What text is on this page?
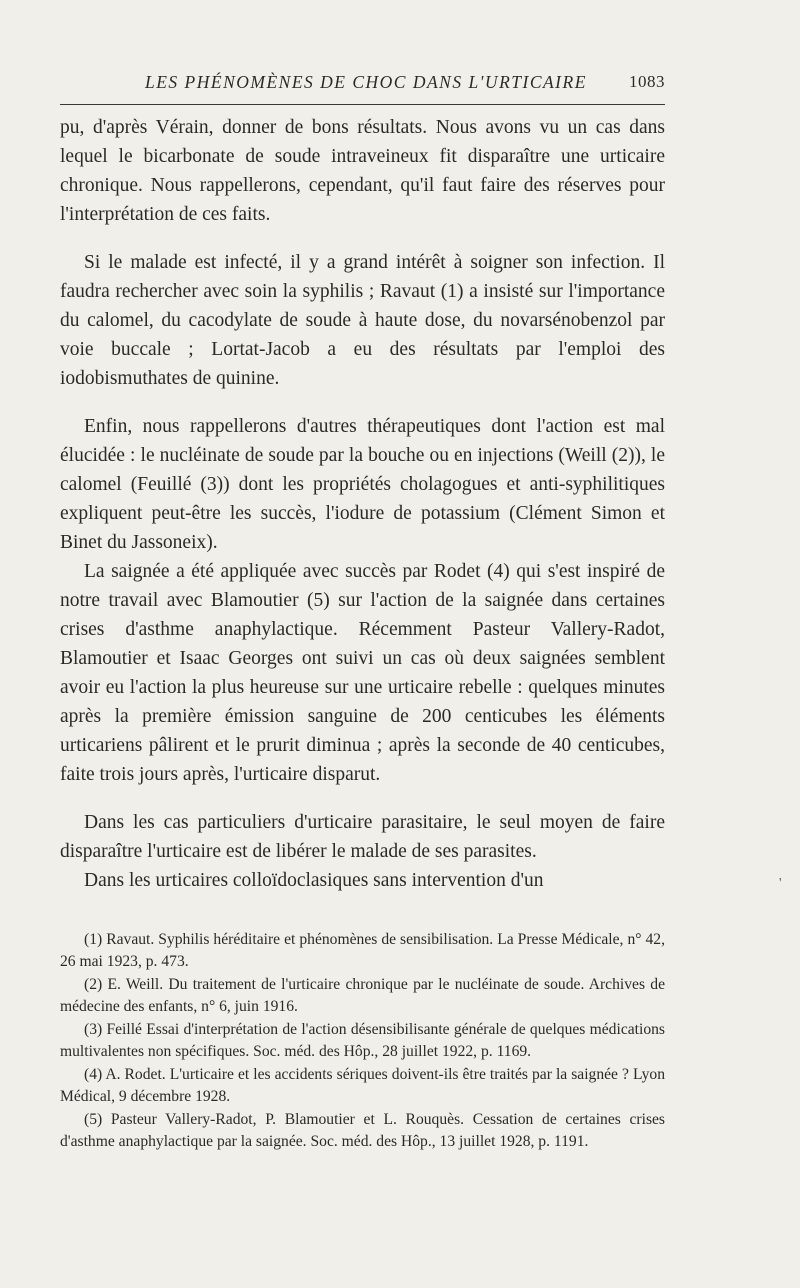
LES PHÉNOMÈNES DE CHOC DANS L'URTICAIRE 1083

pu, d'après Vérain, donner de bons résultats. Nous avons vu un cas dans lequel le bicarbonate de soude intraveineux fit disparaître une urticaire chronique. Nous rappellerons, cependant, qu'il faut faire des réserves pour l'interprétation de ces faits.

Si le malade est infecté, il y a grand intérêt à soigner son infection. Il faudra rechercher avec soin la syphilis ; Ravaut (1) a insisté sur l'importance du calomel, du cacodylate de soude à haute dose, du novarsénobenzol par voie buccale ; Lortat-Jacob a eu des résultats par l'emploi des iodobismuthates de quinine.

Enfin, nous rappellerons d'autres thérapeutiques dont l'action est mal élucidée : le nucléinate de soude par la bouche ou en injections (Weill (2)), le calomel (Feuillé (3)) dont les propriétés cholagogues et anti-syphilitiques expliquent peut-être les succès, l'iodure de potassium (Clément Simon et Binet du Jassoneix).

La saignée a été appliquée avec succès par Rodet (4) qui s'est inspiré de notre travail avec Blamoutier (5) sur l'action de la saignée dans certaines crises d'asthme anaphylactique. Récemment Pasteur Vallery-Radot, Blamoutier et Isaac Georges ont suivi un cas où deux saignées semblent avoir eu l'action la plus heureuse sur une urticaire rebelle : quelques minutes après la première émission sanguine de 200 centicubes les éléments urticariens pâlirent et le prurit diminua ; après la seconde de 40 centicubes, faite trois jours après, l'urticaire disparut.

Dans les cas particuliers d'urticaire parasitaire, le seul moyen de faire disparaître l'urticaire est de libérer le malade de ses parasites.

Dans les urticaires colloïdoclasiques sans intervention d'un

(1) Ravaut. Syphilis héréditaire et phénomènes de sensibilisation. La Presse Médicale, n° 42, 26 mai 1923, p. 473.

(2) E. Weill. Du traitement de l'urticaire chronique par le nucléinate de soude. Archives de médecine des enfants, n° 6, juin 1916.

(3) Feillé Essai d'interprétation de l'action désensibilisante générale de quelques médications multivalentes non spécifiques. Soc. méd. des Hôp., 28 juillet 1922, p. 1169.

(4) A. Rodet. L'urticaire et les accidents sériques doivent-ils être traités par la saignée ? Lyon Médical, 9 décembre 1928.

(5) Pasteur Vallery-Radot, P. Blamoutier et L. Rouquès. Cessation de certaines crises d'asthme anaphylactique par la saignée. Soc. méd. des Hôp., 13 juillet 1928, p. 1191.

'
